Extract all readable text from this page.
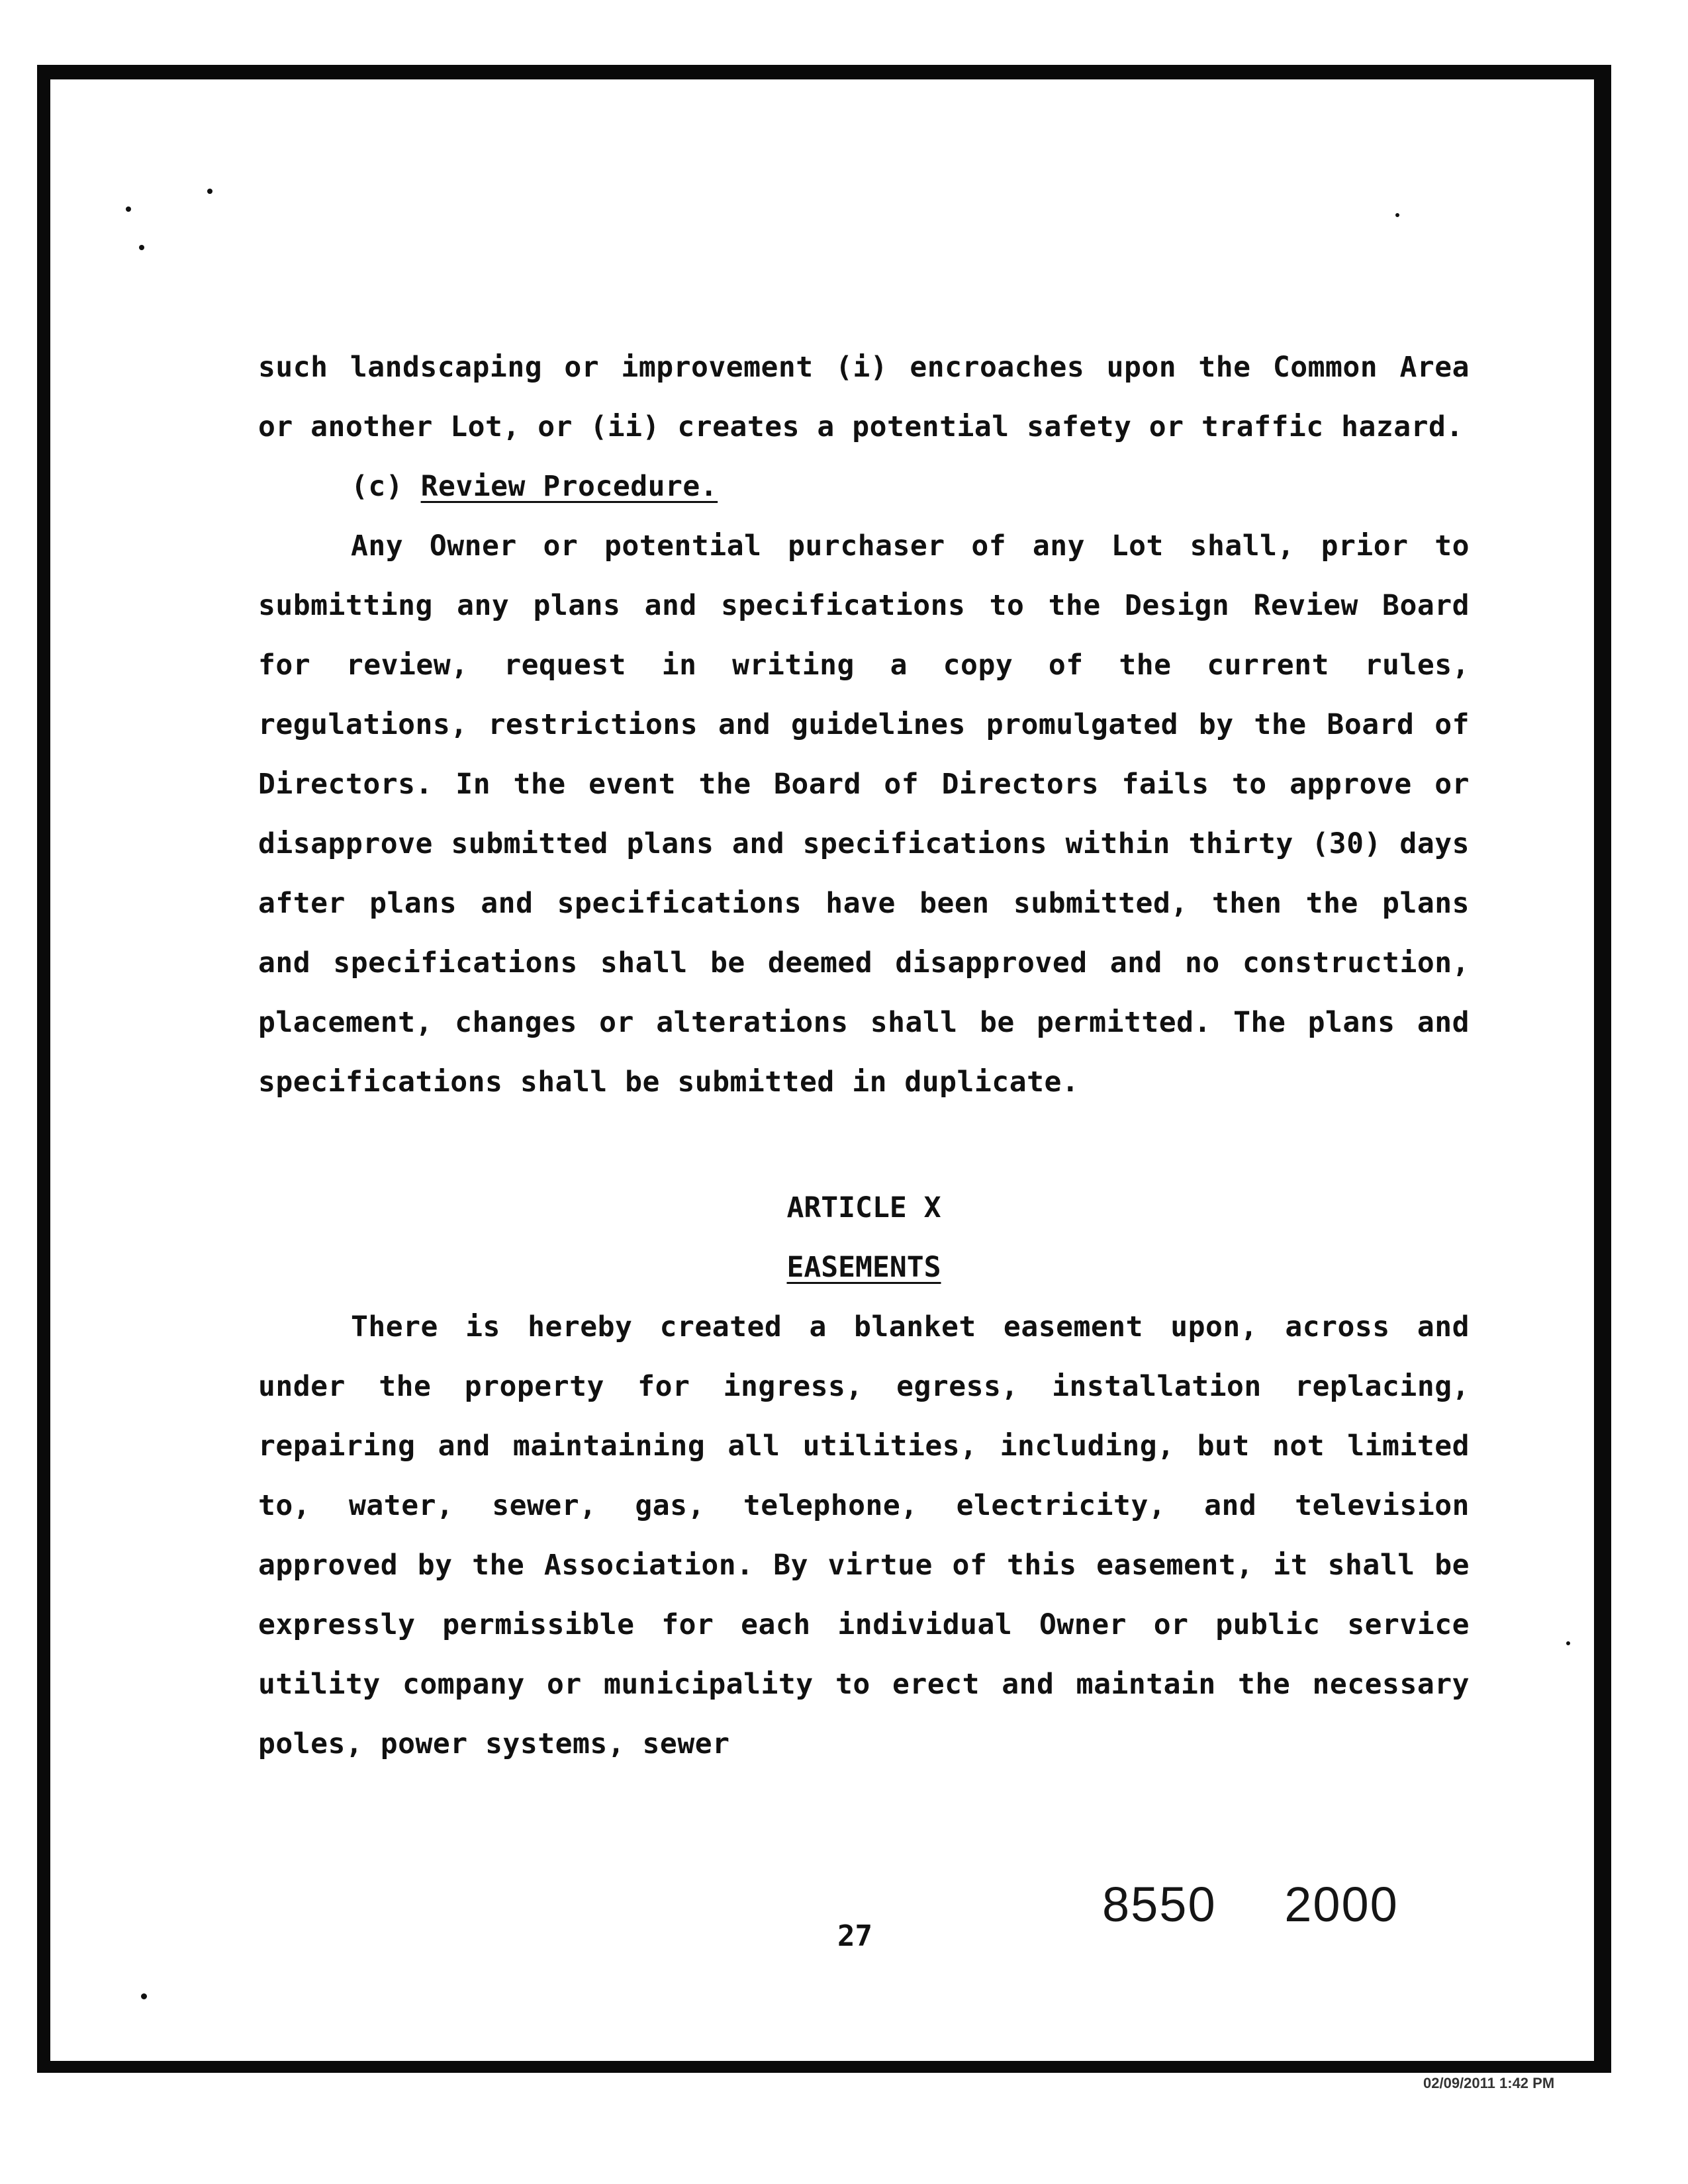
such landscaping or improvement (i) encroaches upon the Common Area or another Lot, or (ii) creates a potential safety or traffic hazard.

(c) Review Procedure.

Any Owner or potential purchaser of any Lot shall, prior to submitting any plans and specifications to the Design Review Board for review, request in writing a copy of the current rules, regulations, restrictions and guidelines promulgated by the Board of Directors. In the event the Board of Directors fails to approve or disapprove submitted plans and specifications within thirty (30) days after plans and specifications have been submitted, then the plans and specifications shall be deemed disapproved and no construction, placement, changes or alterations shall be permitted. The plans and specifications shall be submitted in duplicate.

ARTICLE X
EASEMENTS

There is hereby created a blanket easement upon, across and under the property for ingress, egress, installation replacing, repairing and maintaining all utilities, including, but not limited to, water, sewer, gas, telephone, electricity, and television approved by the Association. By virtue of this easement, it shall be expressly permissible for each individual Owner or public service utility company or municipality to erect and maintain the necessary poles, power systems, sewer

27
8550 2000
02/09/2011 1:42 PM
